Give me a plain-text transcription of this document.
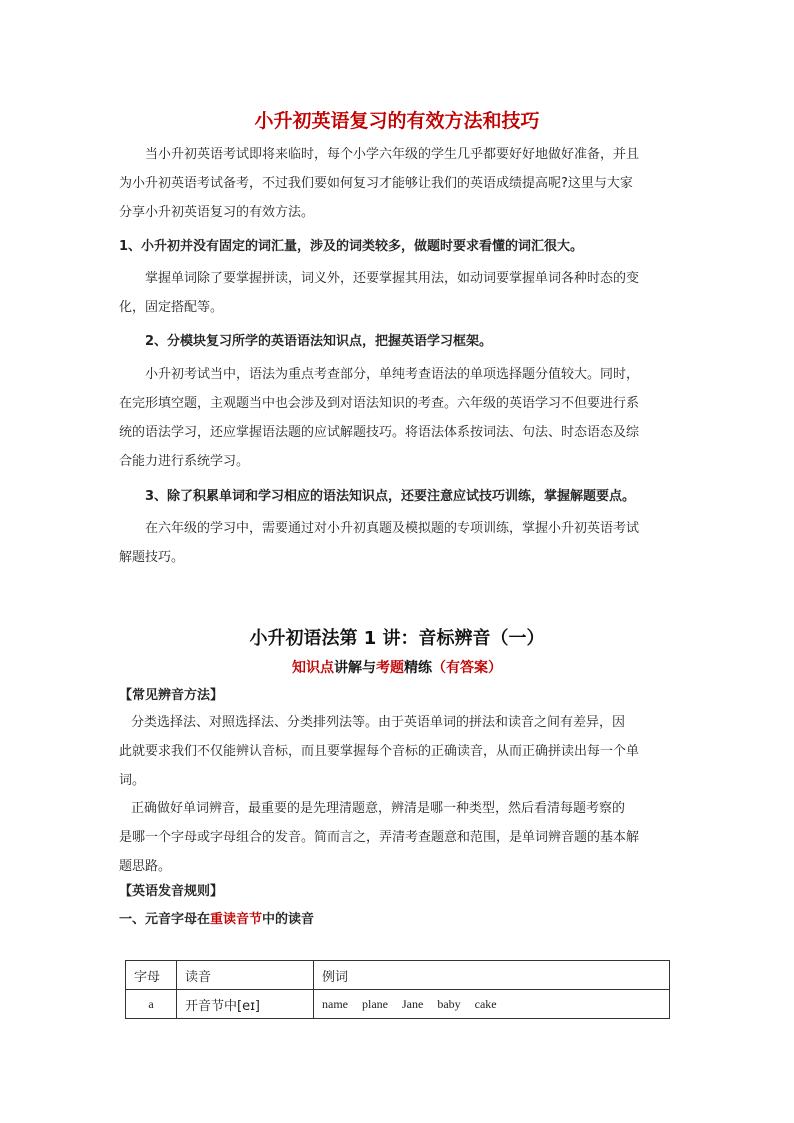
小升初英语复习的有效方法和技巧
当小升初英语考试即将来临时，每个小学六年级的学生几乎都要好好地做好准备，并且
为小升初英语考试备考，不过我们要如何复习才能够让我们的英语成绩提高呢?这里与大家
分享小升初英语复习的有效方法。
1、小升初并没有固定的词汇量，涉及的词类较多，做题时要求看懂的词汇很大。
掌握单词除了要掌握拼读，词义外，还要掌握其用法，如动词要掌握单词各种时态的变
化，固定搭配等。
2、分模块复习所学的英语语法知识点，把握英语学习框架。
小升初考试当中，语法为重点考查部分，单纯考查语法的单项选择题分值较大。同时，
在完形填空题，主观题当中也会涉及到对语法知识的考查。六年级的英语学习不但要进行系
统的语法学习，还应掌握语法题的应试解题技巧。将语法体系按词法、句法、时态语态及综
合能力进行系统学习。
3、除了积累单词和学习相应的语法知识点，还要注意应试技巧训练，掌握解题要点。
在六年级的学习中，需要通过对小升初真题及模拟题的专项训练，掌握小升初英语考试
解题技巧。
小升初语法第 1 讲：音标辨音（一）
知识点讲解与考题精练（有答案）
【常见辨音方法】
分类选择法、对照选择法、分类排列法等。由于英语单词的拼法和读音之间有差异，因
此就要求我们不仅能辨认音标，而且要掌握每个音标的正确读音，从而正确拼读出每一个单
词。
正确做好单词辨音，最重要的是先理清题意，辨清是哪一种类型，然后看清每题考察的
是哪一个字母或字母组合的发音。简而言之，弄清考查题意和范围，是单词辨音题的基本解
题思路。
【英语发音规则】
一、元音字母在重读音节中的读音
字母	读音	例词
a	开音节中[eɪ]	name plane Jane baby cake
